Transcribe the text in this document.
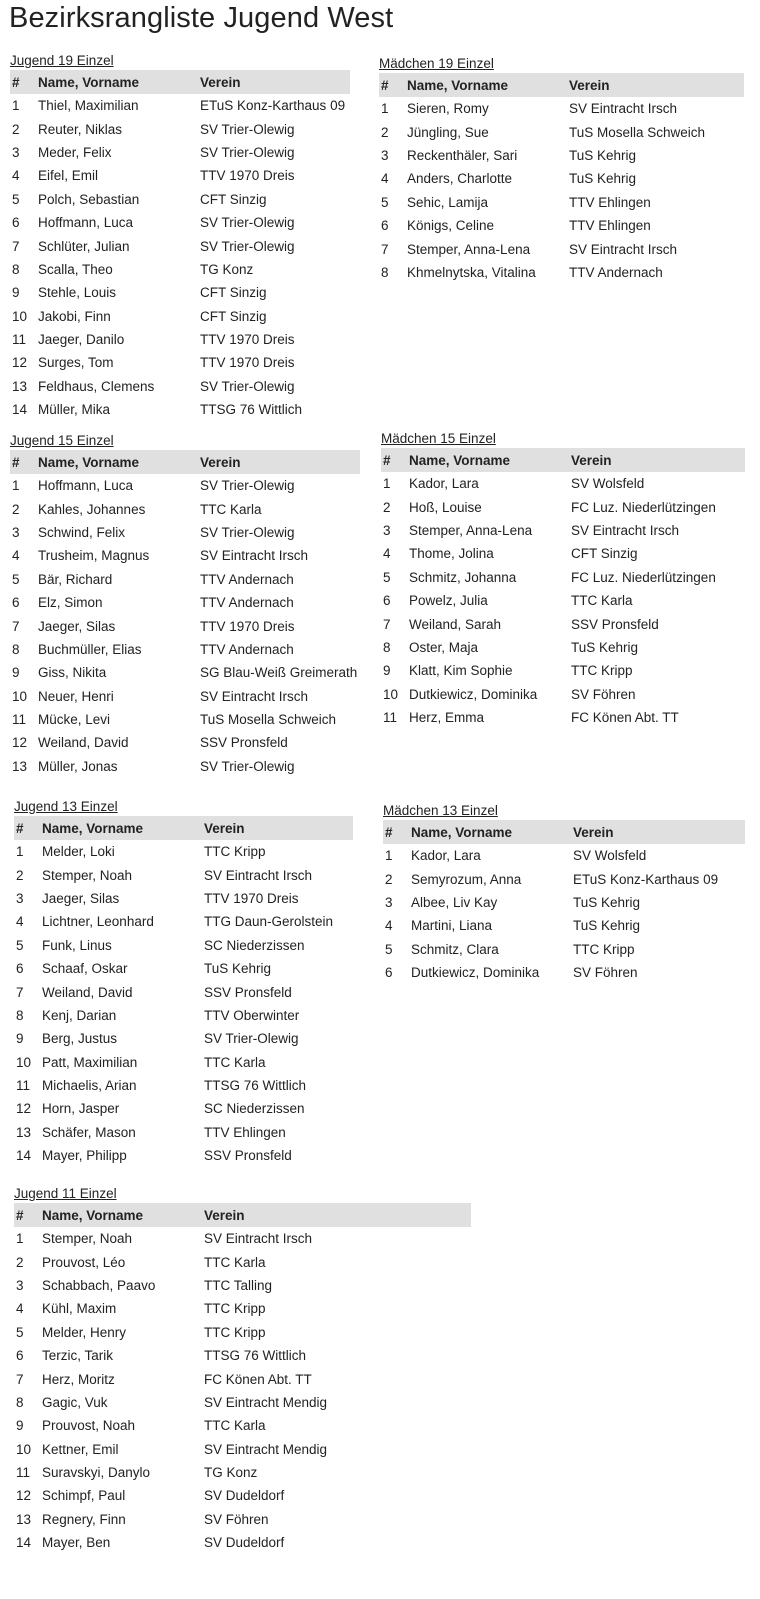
Bezirksrangliste Jugend West
Jugend 19 Einzel
#	Name, Vorname	Verein
1	Thiel, Maximilian	ETuS Konz-Karthaus 09
2	Reuter, Niklas	SV Trier-Olewig
3	Meder, Felix	SV Trier-Olewig
4	Eifel, Emil	TTV 1970 Dreis
5	Polch, Sebastian	CFT Sinzig
6	Hoffmann, Luca	SV Trier-Olewig
7	Schlüter, Julian	SV Trier-Olewig
8	Scalla, Theo	TG Konz
9	Stehle, Louis	CFT Sinzig
10	Jakobi, Finn	CFT Sinzig
11	Jaeger, Danilo	TTV 1970 Dreis
12	Surges, Tom	TTV 1970 Dreis
13	Feldhaus, Clemens	SV Trier-Olewig
14	Müller, Mika	TTSG 76 Wittlich
Mädchen 19 Einzel
#	Name, Vorname	Verein
1	Sieren, Romy	SV Eintracht Irsch
2	Jüngling, Sue	TuS Mosella Schweich
3	Reckenthäler, Sari	TuS Kehrig
4	Anders, Charlotte	TuS Kehrig
5	Sehic, Lamija	TTV Ehlingen
6	Königs, Celine	TTV Ehlingen
7	Stemper, Anna-Lena	SV Eintracht Irsch
8	Khmelnytska, Vitalina	TTV Andernach
Jugend 15 Einzel
#	Name, Vorname	Verein
1	Hoffmann, Luca	SV Trier-Olewig
2	Kahles, Johannes	TTC Karla
3	Schwind, Felix	SV Trier-Olewig
4	Trusheim, Magnus	SV Eintracht Irsch
5	Bär, Richard	TTV Andernach
6	Elz, Simon	TTV Andernach
7	Jaeger, Silas	TTV 1970 Dreis
8	Buchmüller, Elias	TTV Andernach
9	Giss, Nikita	SG Blau-Weiß Greimerath
10	Neuer, Henri	SV Eintracht Irsch
11	Mücke, Levi	TuS Mosella Schweich
12	Weiland, David	SSV Pronsfeld
13	Müller, Jonas	SV Trier-Olewig
Mädchen 15 Einzel
#	Name, Vorname	Verein
1	Kador, Lara	SV Wolsfeld
2	Hoß, Louise	FC Luz. Niederlützingen
3	Stemper, Anna-Lena	SV Eintracht Irsch
4	Thome, Jolina	CFT Sinzig
5	Schmitz, Johanna	FC Luz. Niederlützingen
6	Powelz, Julia	TTC Karla
7	Weiland, Sarah	SSV Pronsfeld
8	Oster, Maja	TuS Kehrig
9	Klatt, Kim Sophie	TTC Kripp
10	Dutkiewicz, Dominika	SV Föhren
11	Herz, Emma	FC Könen Abt. TT
Jugend 13 Einzel
#	Name, Vorname	Verein
1	Melder, Loki	TTC Kripp
2	Stemper, Noah	SV Eintracht Irsch
3	Jaeger, Silas	TTV 1970 Dreis
4	Lichtner, Leonhard	TTG Daun-Gerolstein
5	Funk, Linus	SC Niederzissen
6	Schaaf, Oskar	TuS Kehrig
7	Weiland, David	SSV Pronsfeld
8	Kenj, Darian	TTV Oberwinter
9	Berg, Justus	SV Trier-Olewig
10	Patt, Maximilian	TTC Karla
11	Michaelis, Arian	TTSG 76 Wittlich
12	Horn, Jasper	SC Niederzissen
13	Schäfer, Mason	TTV Ehlingen
14	Mayer, Philipp	SSV Pronsfeld
Mädchen 13 Einzel
#	Name, Vorname	Verein
1	Kador, Lara	SV Wolsfeld
2	Semyrozum, Anna	ETuS Konz-Karthaus 09
3	Albee, Liv Kay	TuS Kehrig
4	Martini, Liana	TuS Kehrig
5	Schmitz, Clara	TTC Kripp
6	Dutkiewicz, Dominika	SV Föhren
Jugend 11 Einzel
#	Name, Vorname	Verein
1	Stemper, Noah	SV Eintracht Irsch
2	Prouvost, Léo	TTC Karla
3	Schabbach, Paavo	TTC Talling
4	Kühl, Maxim	TTC Kripp
5	Melder, Henry	TTC Kripp
6	Terzic, Tarik	TTSG 76 Wittlich
7	Herz, Moritz	FC Könen Abt. TT
8	Gagic, Vuk	SV Eintracht Mendig
9	Prouvost, Noah	TTC Karla
10	Kettner, Emil	SV Eintracht Mendig
11	Suravskyi, Danylo	TG Konz
12	Schimpf, Paul	SV Dudeldorf
13	Regnery, Finn	SV Föhren
14	Mayer, Ben	SV Dudeldorf
